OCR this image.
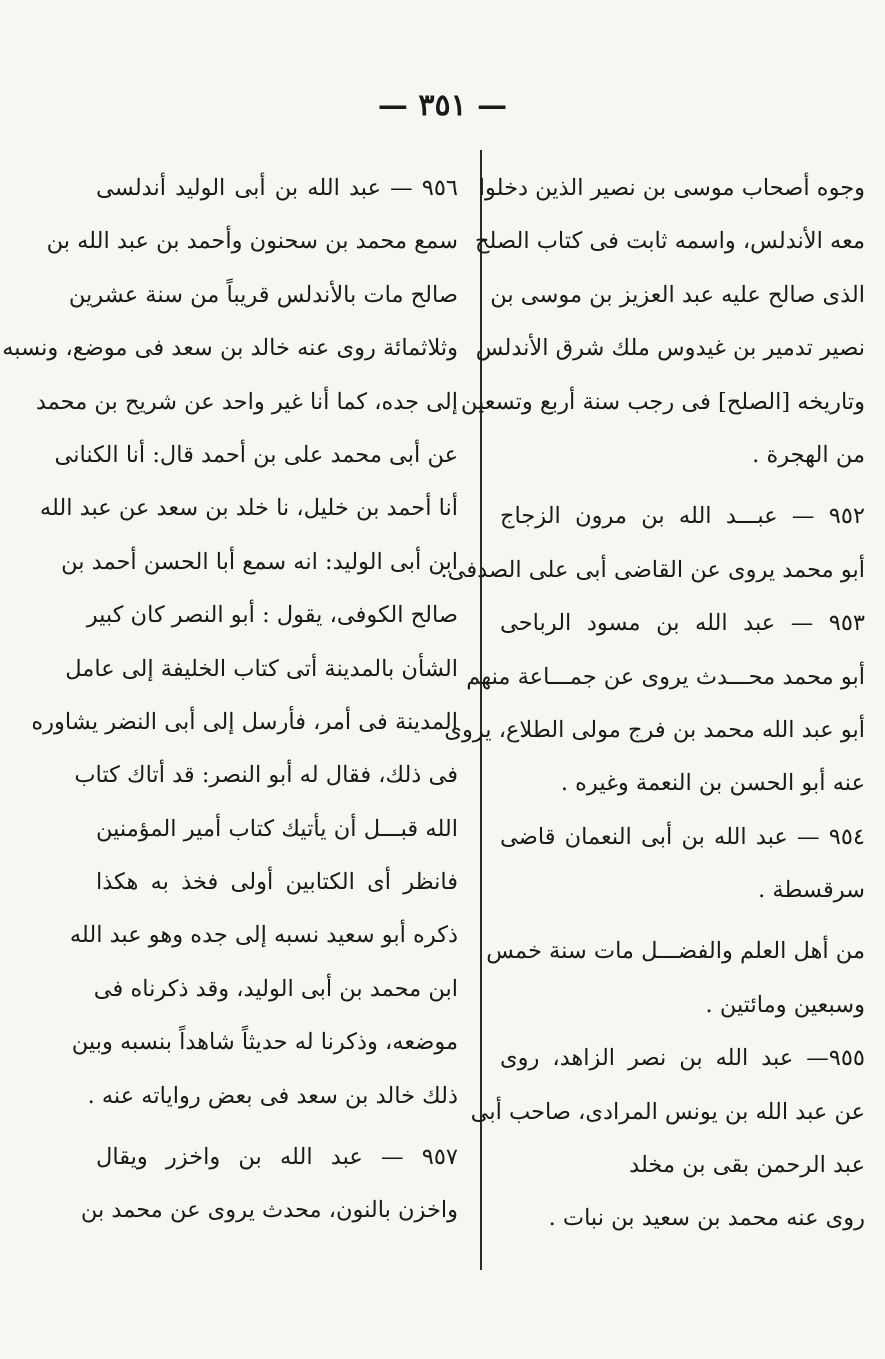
— ٣٥١ —
وجوه أصحاب موسى بن نصير الذين دخلوا
معه الأندلس، واسمه ثابت فى كتاب الصلح
الذى صالح عليه عبد العزيز بن موسى بن
نصير تدمير بن غيدوس ملك شرق الأندلس
وتاريخه [الصلح] فى رجب سنة أربع وتسعين
من الهجرة .
٩٥٢ — عبـــد الله بن مرون الزجاج
أبو محمد يروى عن القاضى أبى على الصدفى.
٩٥٣ — عبد الله بن مسود الرباحى
أبو محمد محـــدث يروى عن جمـــاعة منهم
أبو عبد الله محمد بن فرج مولى الطلاع، يروى
عنه أبو الحسن بن النعمة وغيره .
٩٥٤ — عبد الله بن أبى النعمان قاضى
سرقسطة .
من أهل العلم والفضـــل مات سنة خمس
وسبعين ومائتين .
٩٥٥— عبد الله بن نصر الزاهد، روى
عن عبد الله بن يونس المرادى، صاحب أبى
عبد الرحمن بقى بن مخلد
روى عنه محمد بن سعيد بن نبات .
٩٥٦ — عبد الله بن أبى الوليد أندلسى
سمع محمد بن سحنون وأحمد بن عبد الله بن
صالح مات بالأندلس قريباً من سنة عشرين
وثلاثمائة روى عنه خالد بن سعد فى موضع، ونسبه
إلى جده، كما أنا غير واحد عن شريح بن محمد
عن أبى محمد على بن أحمد قال: أنا الكنانى
أنا أحمد بن خليل، نا خلد بن سعد عن عبد الله
ابن أبى الوليد: انه سمع أبا الحسن أحمد بن
صالح الكوفى، يقول : أبو النصر كان كبير
الشأن بالمدينة أتى كتاب الخليفة إلى عامل
المدينة فى أمر، فأرسل إلى أبى النضر يشاوره
فى ذلك، فقال له أبو النصر: قد أتاك كتاب
الله قبـــل أن يأتيك كتاب أمير المؤمنين
فانظر أى الكتابين أولى فخذ به هكذا
ذكره أبو سعيد نسبه إلى جده وهو عبد الله
ابن محمد بن أبى الوليد، وقد ذكرناه فى
موضعه، وذكرنا له حديثاً شاهداً بنسبه وبين
ذلك خالد بن سعد فى بعض رواياته عنه .
٩٥٧ — عبد الله بن واخزر ويقال
واخزن بالنون، محدث يروى عن محمد بن
